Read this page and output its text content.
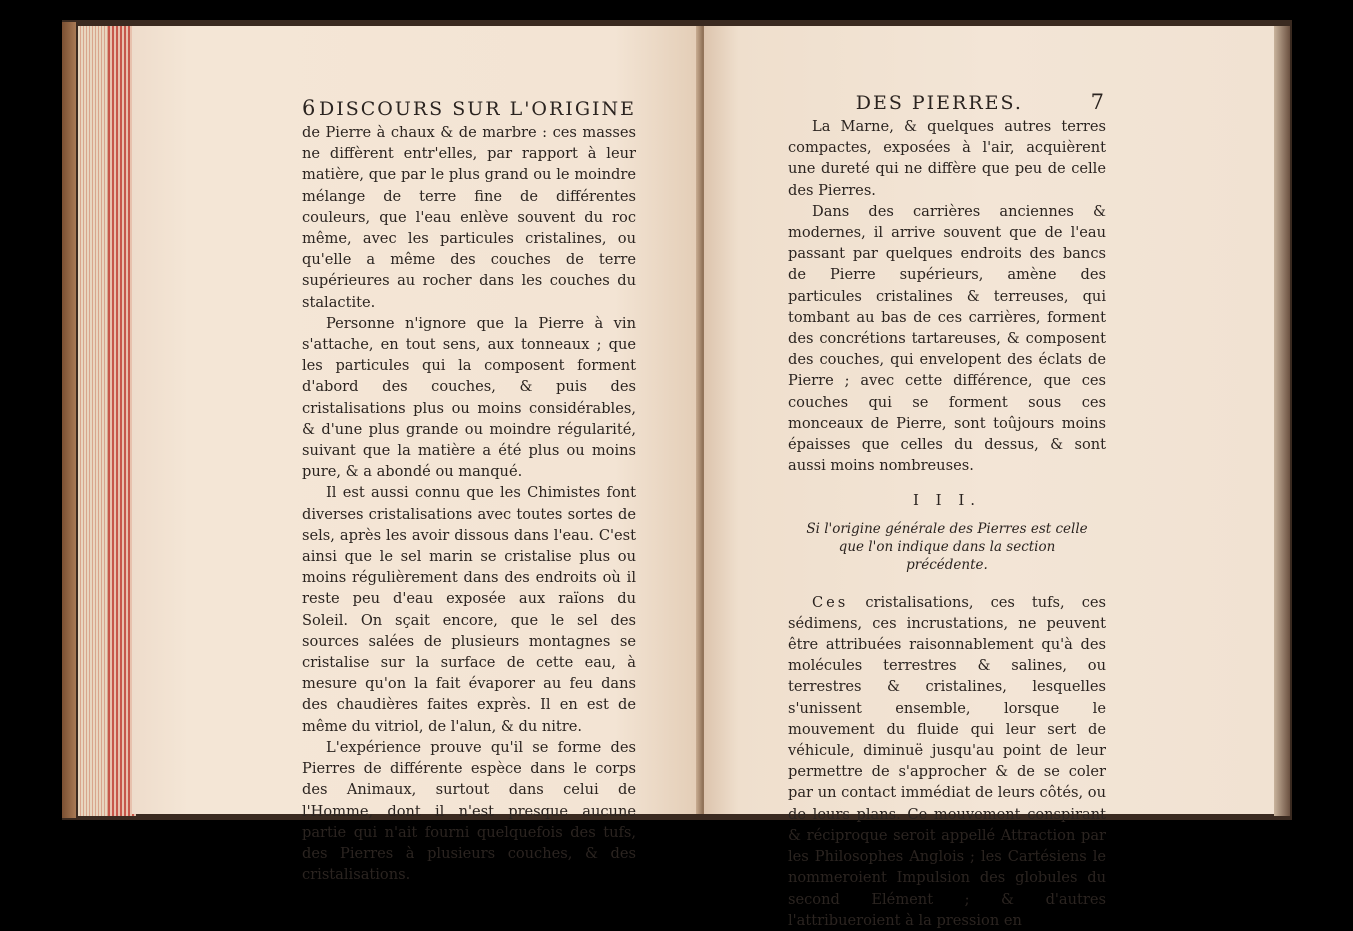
6 DISCOURS SUR L'ORIGINE

de Pierre à chaux & de marbre : ces masses ne diffèrent entr'elles, par rapport à leur matière, que par le plus grand ou le moindre mélange de terre fine de différentes couleurs, que l'eau enlève souvent du roc même, avec les particules cristalines, ou qu'elle a même des couches de terre supérieures au rocher dans les couches du stalactite.

Personne n'ignore que la Pierre à vin s'attache, en tout sens, aux tonneaux ; que les particules qui la composent forment d'abord des couches, & puis des cristalisations plus ou moins considérables, & d'une plus grande ou moindre régularité, suivant que la matière a été plus ou moins pure, & a abondé ou manqué.

Il est aussi connu que les Chimistes font diverses cristalisations avec toutes sortes de sels, après les avoir dissous dans l'eau. C'est ainsi que le sel marin se cristalise plus ou moins régulièrement dans des endroits où il reste peu d'eau exposée aux raïons du Soleil. On sçait encore, que le sel des sources salées de plusieurs montagnes se cristalise sur la surface de cette eau, à mesure qu'on la fait évaporer au feu dans des chaudières faites exprès. Il en est de même du vitriol, de l'alun, & du nitre.

L'expérience prouve qu'il se forme des Pierres de différente espèce dans le corps des Animaux, surtout dans celui de l'Homme, dont il n'est presque aucune partie qui n'ait fourni quelquefois des tufs, des Pierres à plusieurs couches, & des cristalisations.

DES PIERRES.	7

La Marne, & quelques autres terres compactes, exposées à l'air, acquièrent une dureté qui ne diffère que peu de celle des Pierres.

Dans des carrières anciennes & modernes, il arrive souvent que de l'eau passant par quelques endroits des bancs de Pierre supérieurs, amène des particules cristalines & terreuses, qui tombant au bas de ces carrières, forment des concrétions tartareuses, & composent des couches, qui envelopent des éclats de Pierre ; avec cette différence, que ces couches qui se forment sous ces monceaux de Pierre, sont toûjours moins épaisses que celles du dessus, & sont aussi moins nombreuses.

I I I.
Si l'origine générale des Pierres est celle que l'on indique dans la section précédente.

Ces cristalisations, ces tufs, ces sédimens, ces incrustations, ne peuvent être attribuées raisonnablement qu'à des molécules terrestres & salines, ou terrestres & cristalines, lesquelles s'unissent ensemble, lorsque le mouvement du fluide qui leur sert de véhicule, diminuë jusqu'au point de leur permettre de s'approcher & de se coler par un contact immédiat de leurs côtés, ou de leurs plans. Ce mouvement conspirant & réciproque seroit appellé Attraction par les Philosophes Anglois ; les Cartésiens le nommeroient Impulsion des globules du second Elément ; & d'autres l'attribueroient à la pression en
